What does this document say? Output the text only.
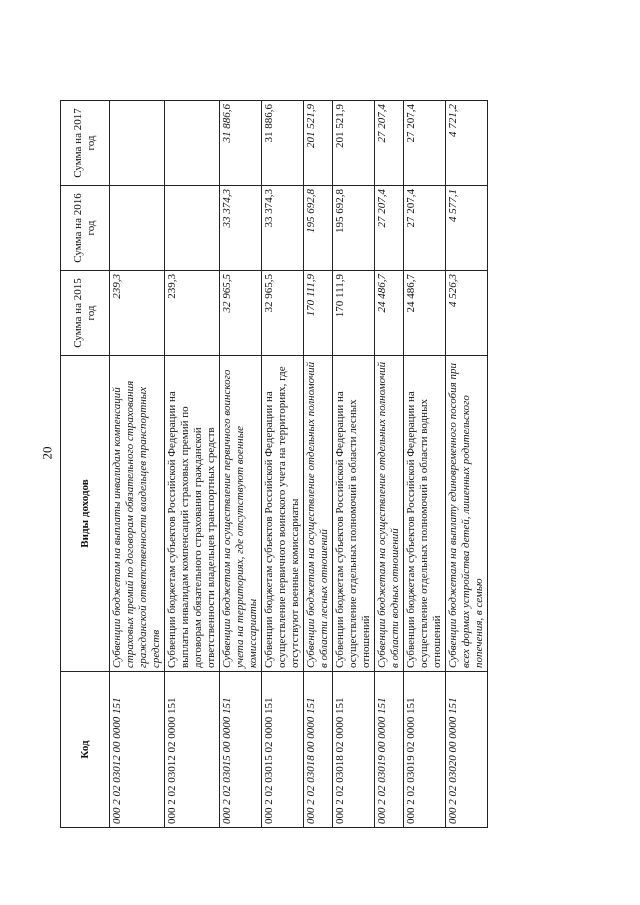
20
Код	Виды доходов	Сумма на 2015 год	Сумма на 2016 год	Сумма на 2017 год
000 2 02 03012 00 0000 151	Субвенции бюджетам на выплаты инвалидам компенсаций страховых премий по договорам обязательного страхования гражданской ответственности владельцев транспортных средств	239,3		
000 2 02 03012 02 0000 151	Субвенции бюджетам субъектов Российской Федерации на выплаты инвалидам компенсаций страховых премий по договорам обязательного страхования гражданской ответственности владельцев транспортных средств	239,3		
000 2 02 03015 00 0000 151	Субвенции бюджетам на осуществление первичного воинского учета на территориях, где отсутствуют военные комиссариаты	32 965,5	33 374,3	31 886,6
000 2 02 03015 02 0000 151	Субвенции бюджетам субъектов Российской Федерации на осуществление первичного воинского учета на территориях, где отсутствуют военные комиссариаты	32 965,5	33 374,3	31 886,6
000 2 02 03018 00 0000 151	Субвенции бюджетам на осуществление отдельных полномочий в области лесных отношений	170 111,9	195 692,8	201 521,9
000 2 02 03018 02 0000 151	Субвенции бюджетам субъектов Российской Федерации на осуществление отдельных полномочий в области лесных отношений	170 111,9	195 692,8	201 521,9
000 2 02 03019 00 0000 151	Субвенции бюджетам на осуществление отдельных полномочий в области водных отношений	24 486,7	27 207,4	27 207,4
000 2 02 03019 02 0000 151	Субвенции бюджетам субъектов Российской Федерации на осуществление отдельных полномочий в области водных отношений	24 486,7	27 207,4	27 207,4
000 2 02 03020 00 0000 151	Субвенции бюджетам на выплату единовременного пособия при всех формах устройства детей, лишенных родительского попечения, в семью	4 526,3	4 577,1	4 721,2
